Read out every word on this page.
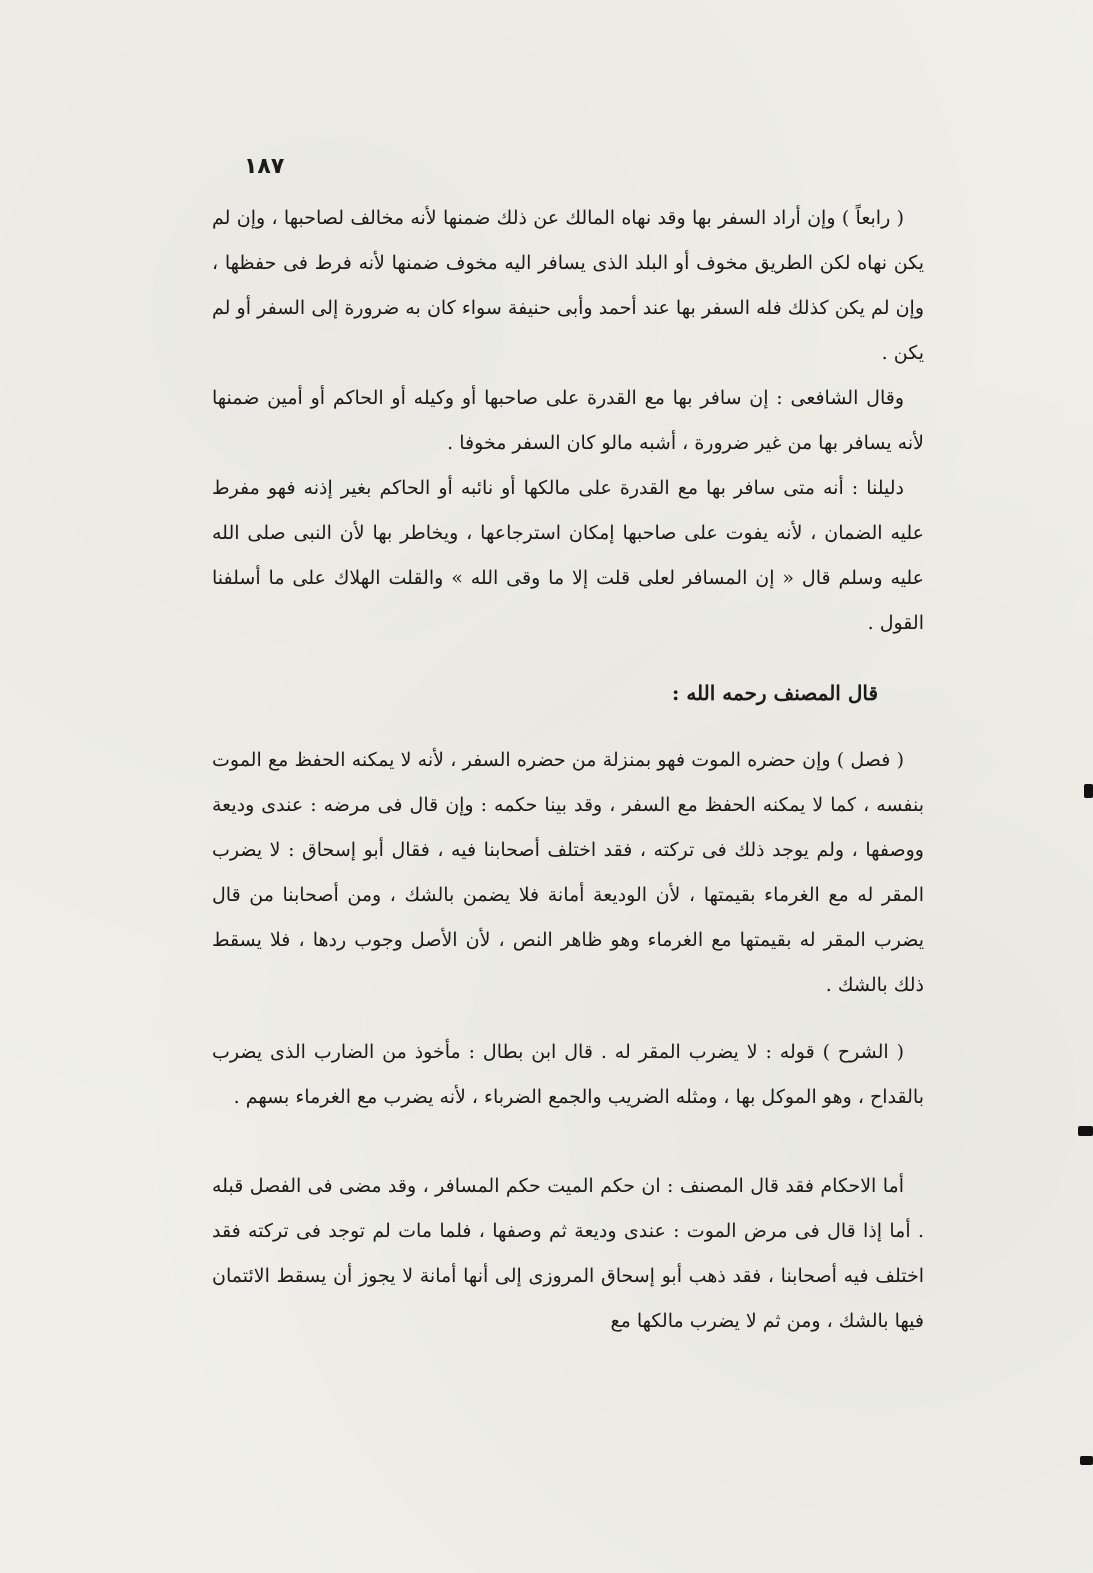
١٨٧

( رابعاً ) وإن أراد السفر بها وقد نهاه المالك عن ذلك ضمنها لأنه مخالف لصاحبها ، وإن لم يكن نهاه لكن الطريق مخوف أو البلد الذى يسافر اليه مخوف ضمنها لأنه فرط فى حفظها ، وإن لم يكن كذلك فله السفر بها عند أحمد وأبى حنيفة سواء كان به ضرورة إلى السفر أو لم يكن .

وقال الشافعى : إن سافر بها مع القدرة على صاحبها أو وكيله أو الحاكم أو أمين ضمنها لأنه يسافر بها من غير ضرورة ، أشبه مالو كان السفر مخوفا .

دليلنا : أنه متى سافر بها مع القدرة على مالكها أو نائبه أو الحاكم بغير إذنه فهو مفرط عليه الضمان ، لأنه يفوت على صاحبها إمكان استرجاعها ، ويخاطر بها لأن النبى صلى الله عليه وسلم قال « إن المسافر لعلى قلت إلا ما وقى الله » والقلت الهلاك على ما أسلفنا القول .

قال المصنف رحمه الله :

( فصل ) وإن حضره الموت فهو بمنزلة من حضره السفر ، لأنه لا يمكنه الحفظ مع الموت بنفسه ، كما لا يمكنه الحفظ مع السفر ، وقد بينا حكمه : وإن قال فى مرضه : عندى وديعة ووصفها ، ولم يوجد ذلك فى تركته ، فقد اختلف أصحابنا فيه ، فقال أبو إسحاق : لا يضرب المقر له مع الغرماء بقيمتها ، لأن الوديعة أمانة فلا يضمن بالشك ، ومن أصحابنا من قال يضرب المقر له بقيمتها مع الغرماء وهو ظاهر النص ، لأن الأصل وجوب ردها ، فلا يسقط ذلك بالشك .

( الشرح ) قوله : لا يضرب المقر له . قال ابن بطال : مأخوذ من الضارب الذى يضرب بالقداح ، وهو الموكل بها ، ومثله الضريب والجمع الضرباء ، لأنه يضرب مع الغرماء بسهم .

أما الاحكام فقد قال المصنف : ان حكم الميت حكم المسافر ، وقد مضى فى الفصل قبله . أما إذا قال فى مرض الموت : عندى وديعة ثم وصفها ، فلما مات لم توجد فى تركته فقد اختلف فيه أصحابنا ، فقد ذهب أبو إسحاق المروزى إلى أنها أمانة لا يجوز أن يسقط الائتمان فيها بالشك ، ومن ثم لا يضرب مالكها مع
